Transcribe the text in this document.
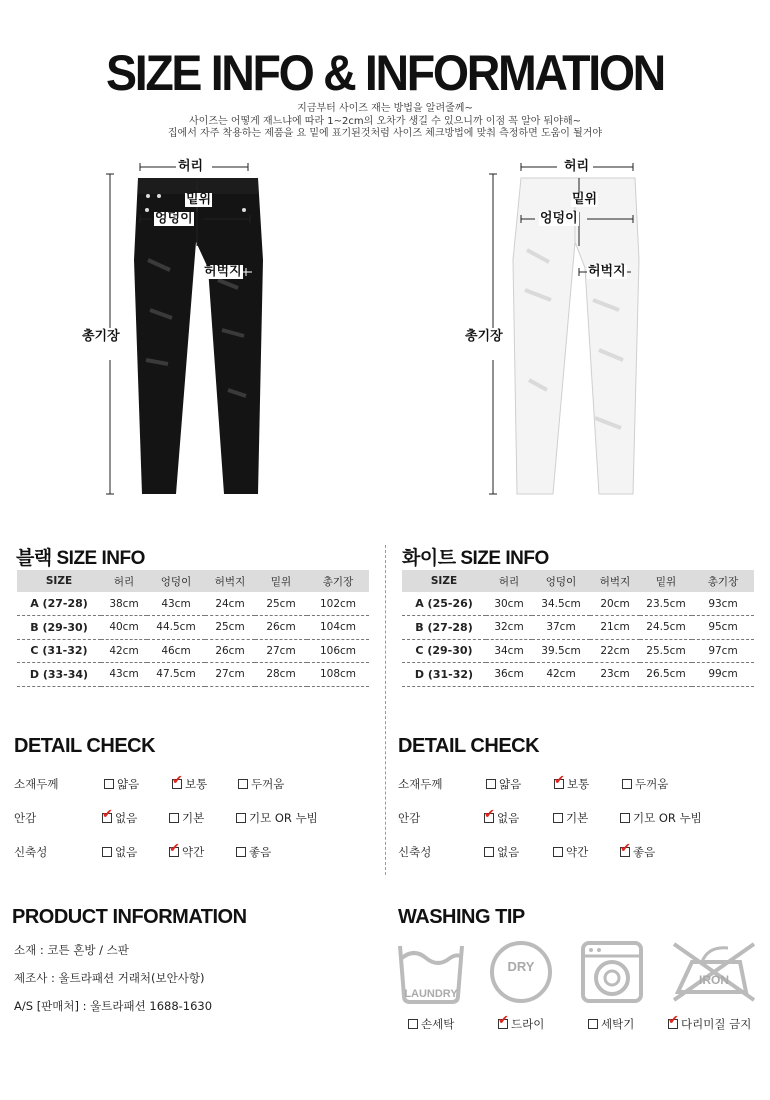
SIZE INFO & INFORMATION
지금부터 사이즈 재는 방법을 알려줄께~
사이즈는 어떻게 재느냐에 따라 1~2cm의 오차가 생길 수 있으니까 이점 꼭 알아 둬야해~
집에서 자주 착용하는 제품을 요 밑에 표기된것처럼 사이즈 체크방법에 맞춰 측정하면 도움이 될거야
허리
밑위
엉덩이
허벅지
총기장
허리
밑위
엉덩이
허벅지
총기장
블랙 SIZE INFO
SIZE	허리	엉덩이	허벅지	밑위	총기장
A (27-28)	38cm	43cm	24cm	25cm	102cm
B (29-30)	40cm	44.5cm	25cm	26cm	104cm
C (31-32)	42cm	46cm	26cm	27cm	106cm
D (33-34)	43cm	47.5cm	27cm	28cm	108cm
화이트 SIZE INFO
SIZE	허리	엉덩이	허벅지	밑위	총기장
A (25-26)	30cm	34.5cm	20cm	23.5cm	93cm
B (27-28)	32cm	37cm	21cm	24.5cm	95cm
C (29-30)	34cm	39.5cm	22cm	25.5cm	97cm
D (31-32)	36cm	42cm	23cm	26.5cm	99cm
DETAIL CHECK
소재두께	얇음 ✔	보통	두꺼움
안감 ✔	없음	기본	기모 OR 누빔
신축성	없음 ✔	약간	좋음
DETAIL CHECK
소재두께	얇음 ✔	보통	두꺼움
안감 ✔	없음	기본	기모 OR 누빔
신축성	없음	약간 ✔	좋음
PRODUCT INFORMATION
소재 : 코튼 혼방 / 스판
제조사 : 울트라패션 거래처(보안사항)
A/S [판매처] : 울트라패션 1688-1630
WASHING TIP
LAUNDRY
DRY
IRON
손세탁 ✔	드라이	세탁기 ✔	다리미질 금지
